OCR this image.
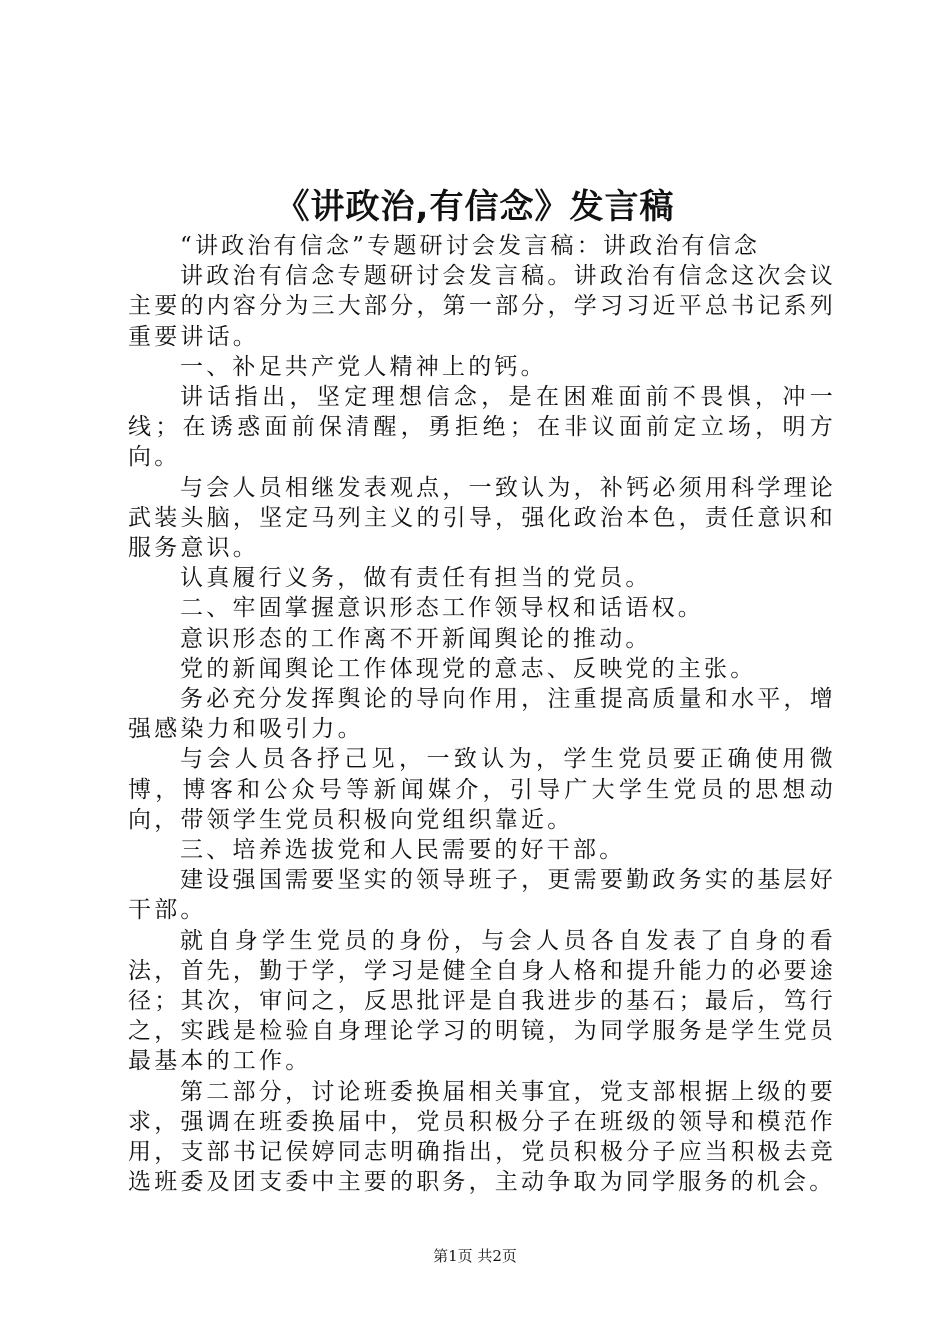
《讲政治,有信念》发言稿

“讲政治有信念”专题研讨会发言稿：讲政治有信念

讲政治有信念专题研讨会发言稿。讲政治有信念这次会议主要的内容分为三大部分，第一部分，学习习近平总书记系列重要讲话。

一、补足共产党人精神上的钙。

讲话指出，坚定理想信念，是在困难面前不畏惧，冲一线；在诱惑面前保清醒，勇拒绝；在非议面前定立场，明方向。

与会人员相继发表观点，一致认为，补钙必须用科学理论武装头脑，坚定马列主义的引导，强化政治本色，责任意识和服务意识。

认真履行义务，做有责任有担当的党员。

二、牢固掌握意识形态工作领导权和话语权。

意识形态的工作离不开新闻舆论的推动。

党的新闻舆论工作体现党的意志、反映党的主张。

务必充分发挥舆论的导向作用，注重提高质量和水平，增强感染力和吸引力。

与会人员各抒己见，一致认为，学生党员要正确使用微博，博客和公众号等新闻媒介，引导广大学生党员的思想动向，带领学生党员积极向党组织靠近。

三、培养选拔党和人民需要的好干部。

建设强国需要坚实的领导班子，更需要勤政务实的基层好干部。

就自身学生党员的身份，与会人员各自发表了自身的看法，首先，勤于学，学习是健全自身人格和提升能力的必要途径；其次，审问之，反思批评是自我进步的基石；最后，笃行之，实践是检验自身理论学习的明镜，为同学服务是学生党员最基本的工作。

第二部分，讨论班委换届相关事宜，党支部根据上级的要求，强调在班委换届中，党员积极分子在班级的领导和模范作用，支部书记侯婷同志明确指出，党员积极分子应当积极去竞选班委及团支委中主要的职务，主动争取为同学服务的机会。

第1页 共2页
